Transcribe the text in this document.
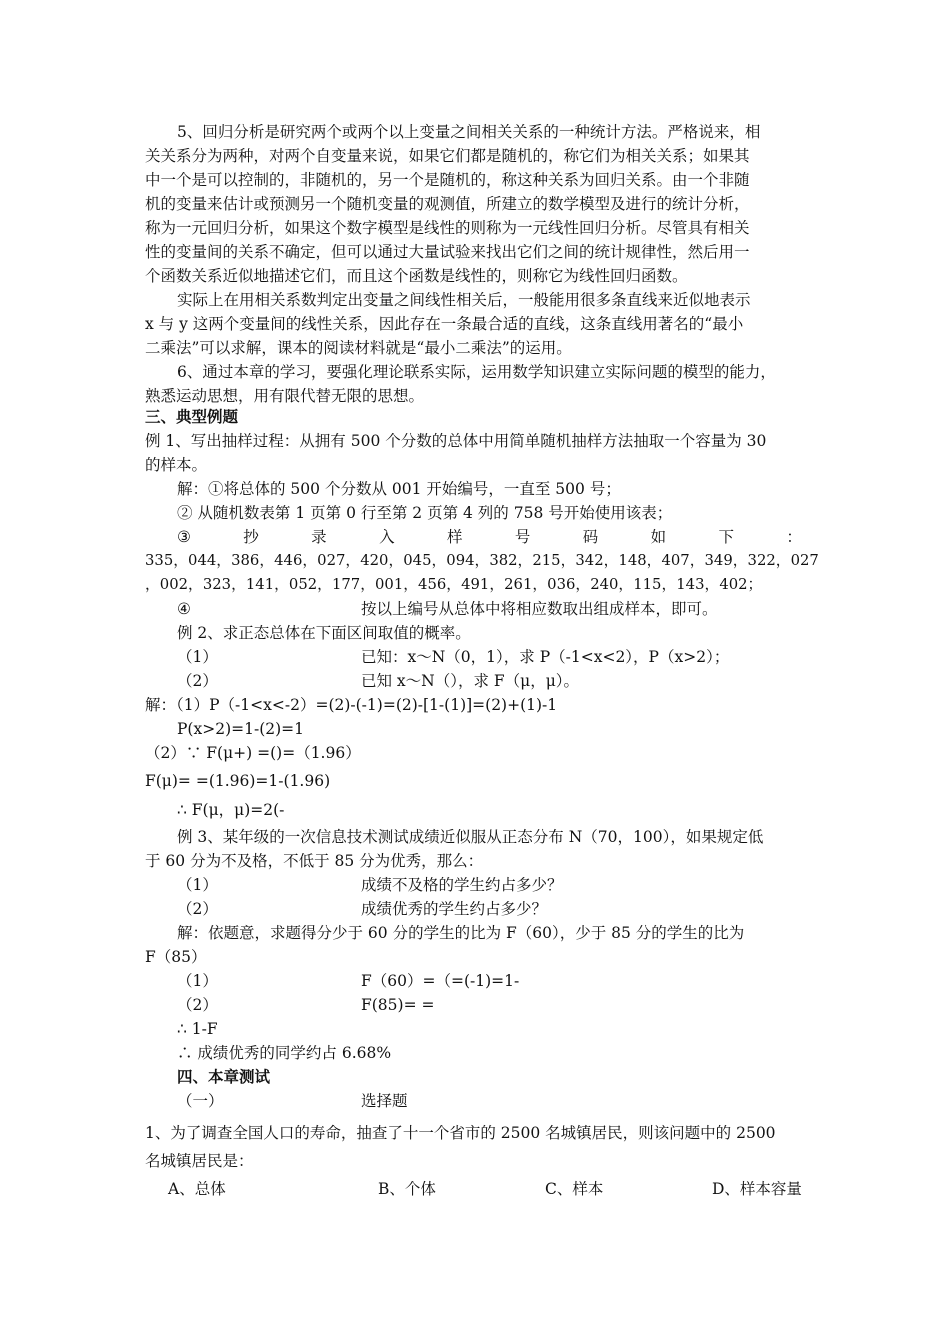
5、回归分析是研究两个或两个以上变量之间相关关系的一种统计方法。严格说来，相
关关系分为两种，对两个自变量来说，如果它们都是随机的，称它们为相关关系；如果其
中一个是可以控制的，非随机的，另一个是随机的，称这种关系为回归关系。由一个非随
机的变量来估计或预测另一个随机变量的观测值，所建立的数学模型及进行的统计分析，
称为一元回归分析，如果这个数字模型是线性的则称为一元线性回归分析。尽管具有相关
性的变量间的关系不确定，但可以通过大量试验来找出它们之间的统计规律性，然后用一
个函数关系近似地描述它们，而且这个函数是线性的，则称它为线性回归函数。
实际上在用相关系数判定出变量之间线性相关后，一般能用很多条直线来近似地表示
x 与 y 这两个变量间的线性关系，因此存在一条最合适的直线，这条直线用著名的“最小
二乘法”可以求解，课本的阅读材料就是“最小二乘法”的运用。
6、通过本章的学习，要强化理论联系实际，运用数学知识建立实际问题的模型的能力，
熟悉运动思想，用有限代替无限的思想。
三、典型例题
例 1、写出抽样过程：从拥有 500 个分数的总体中用简单随机抽样方法抽取一个容量为 30
的样本。
解：①将总体的 500 个分数从 001 开始编号，一直至 500 号；
② 从随机数表第 1 页第 0 行至第 2 页第 4 列的 758 号开始使用该表；
③	抄	录	入	样	号	码	如	下	：
335，044，386，446，027，420，045，094，382，215，342，148，407，349，322，027
，002，323，141，052，177，001，456，491，261，036，240，115，143，402；
④	按以上编号从总体中将相应数取出组成样本，即可。
例 2、求正态总体在下面区间取值的概率。
（1）	已知：x～N（0，1），求 P（-1<x<2），P（x>2）；
（2）	已知 x～N（），求 F（μ，μ）。
解：（1）P（-1<x<-2）=(2)-(-1)=(2)-[1-(1)]=(2)+(1)-1
P(x>2)=1-(2)=1
（2）∵ F(μ+) =()=（1.96）
F(μ)= =(1.96)=1-(1.96)
∴ F(μ，μ)=2(-
例 3、某年级的一次信息技术测试成绩近似服从正态分布 N（70，100），如果规定低
于 60 分为不及格，不低于 85 分为优秀，那么：
（1）	成绩不及格的学生约占多少？
（2）	成绩优秀的学生约占多少？
解：依题意，求题得分少于 60 分的学生的比为 F（60），少于 85 分的学生的比为
F（85）
（1）	F（60）=（=(-1)=1-
（2）	F(85)= =
∴ 1-F
∴ 成绩优秀的同学约占 6.68%
四、本章测试
（一）	选择题
1、为了调查全国人口的寿命，抽查了十一个省市的 2500 名城镇居民，则该问题中的 2500
名城镇居民是：
A、总体	B、个体	C、样本	D、样本容量
